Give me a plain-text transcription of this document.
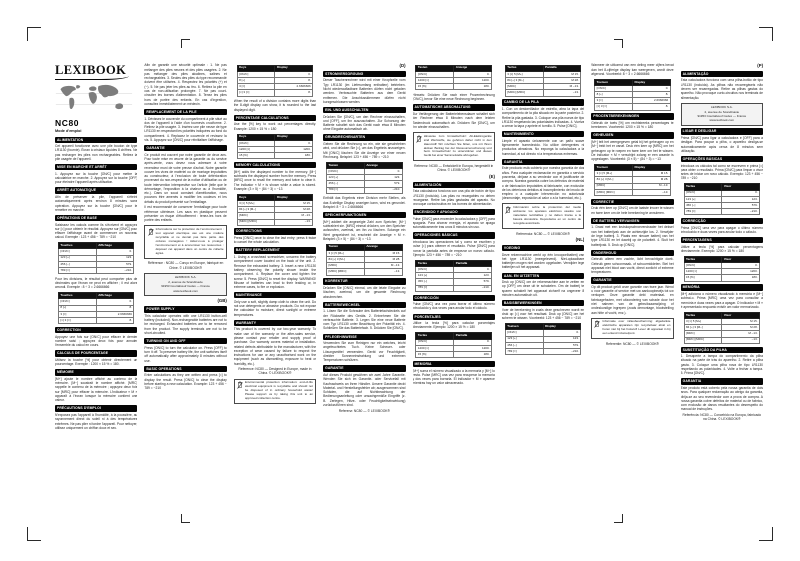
LEXIBOOK
NC80
Mode d'emploi
ALIMENTATION
Cet appareil fonctionne avec une pile bouton de type LR1130 (fournie). Écran à cristaux liquides 8 chiffres. Ne pas recharger les piles non rechargeables. Retirez la pile usagée de l'appareil.
MISE EN MARCHE ET ARRÊT
1. Appuyez sur la touche [ON/C] pour mettre la calculatrice en marche. 2. Appuyez sur la touche [OFF] pour éteindre l'appareil après utilisation.
ARRÊT AUTOMATIQUE
Afin de préserver la pile, l'appareil s'éteint automatiquement après environ 8 minutes sans opération. Appuyez sur la touche [ON/C] pour le remettre en marche.
OPÉRATIONS DE BASE
Saisissez les calculs comme ils s'écrivent et appuyez sur [=] pour obtenir le résultat. Appuyez sur [ON/C] pour effacer l'affichage avant de commencer un nouveau calcul. Exemple : 123 + 456 − 789 = −210
Touches	Affichage
[ON/C]	0.
123 [+]	123.
456 [−]	579.
789 [=]	−210.
Pour les divisions, le résultat peut comporter plus de décimales que l'écran ne peut en afficher ; il est alors arrondi. Exemple : 8 ÷ 3 = 2.6666666
Touches	Affichage
[ON/C]	0.
8 [÷]	8.
3 [=]	2.6666666
[×] 3 [=]	8.
CORRECTION
Appuyez une fois sur [ON/C] pour effacer le dernier nombre saisi ; appuyez deux fois pour annuler l'ensemble du calcul en cours.
CALCULS DE POURCENTAGE
Utilisez la touche [%] pour obtenir directement un pourcentage. Exemple : 1200 × 15 % = 180.
MÉMOIRE
[M+] ajoute le nombre affiché au contenu de la mémoire. [M−] soustrait le nombre affiché. [MRC] rappelle le contenu de la mémoire ; appuyez deux fois sur [MRC] pour effacer la mémoire. L'indicateur « M » apparaît à l'écran lorsque la mémoire contient une valeur.
PRÉCAUTIONS D'EMPLOI
N'exposez pas l'appareil à l'humidité, à la poussière, au rayonnement direct du soleil ni à des températures extrêmes. Ne pas plier ni tordre l'appareil. Pour nettoyer, utilisez uniquement un chiffon doux et sec.
Afin de garantir une sécurité optimale : 1. Ne pas mélanger des piles neuves et des piles usagées. 2. Ne pas mélanger des piles alcalines, salines et rechargeables. 3. Seules des piles du type recommandé doivent être utilisées. 4. Respectez les polarités (+) et (−). 5. Ne pas jeter les piles au feu. 6. Retirez la pile en cas de non-utilisation prolongée. 7. Ne pas court-circuiter les bornes d'alimentation. 8. Tenez les piles hors de portée des enfants. En cas d'ingestion, consultez immédiatement un médecin.
REMPLACEMENT DE LA PILE
1. Dévissez le couvercle du compartiment à pile situé au dos de l'appareil à l'aide d'un tournevis cruciforme. 2. Retirez la pile usagée. 3. Insérez une pile neuve de type LR1130 en respectant les polarités indiquées au fond du compartiment. 4. Replacez le couvercle et revissez la vis. 5. Appuyez sur [ON/C] pour réinitialiser l'affichage.
GARANTIE
Ce produit est couvert par notre garantie de deux ans. Pour toute mise en œuvre de la garantie ou du service après-vente, vous devez vous adresser à votre revendeur muni de votre preuve d'achat. Notre garantie couvre les vices de matériel ou de montage imputables au constructeur, à l'exclusion de toute détérioration provenant du non-respect de la notice d'utilisation ou de toute intervention intempestive sur l'article (telle que le démontage, l'exposition à la chaleur ou à l'humidité, etc.). Dans un souci constant d'amélioration, nous pouvons être amenés à modifier les couleurs et les détails du produit présenté sur l'emballage.
Il est recommandé de conserver l'emballage pour toute référence ultérieure. Les sacs en plastique peuvent présenter un risque d'étouffement : tenez-les hors de portée des enfants.
Informations sur la protection de l'environnement : tout appareil électrique usé est une matière recyclable et ne devrait pas faire partie des ordures ménagères ! Aidez-nous à protéger l'environnement et à économiser les ressources : déposez cet appareil dans un centre de collecte agréé.
Référence : NC80 — Conçu en Europe, fabriqué en Chine. © LEXIBOOK®
LEXIBOOK S.A.
2, avenue de Scandinavie
91953 Courtabœuf Cedex — France
www.lexibook.com
(GB)
POWER SUPPLY
This calculator operates with one LR1130 button-cell battery (included). Non-rechargeable batteries are not to be recharged. Exhausted batteries are to be removed from the product. The supply terminals are not to be short-circuited.
TURNING ON AND OFF
Press [ON/C] to turn the calculator on. Press [OFF] to turn it off. To preserve battery life, the unit switches itself off automatically after approximately 8 minutes without use.
BASIC OPERATIONS
Enter calculations as they are written and press [=] to display the result. Press [ON/C] to clear the display before starting a new calculation. Example: 123 + 456 − 789 = −210
Keys	Display
[ON/C]	0.
8 [÷]	8.
3 [=]	2.6666666
[×] 3 [=]	8.
When the result of a division contains more digits than the 8-digit display can show, it is rounded to the last displayed digit.
PERCENTAGE CALCULATIONS
Use the [%] key to work out percentages directly. Example: 1200 × 15 % = 180
Keys	Display
[ON/C]	0.
1200 [×]	1200.
15 [%]	180.
MEMORY CALCULATIONS
[M+] adds the displayed number to the memory. [M−] subtracts the displayed number from the memory. Press [MRC] once to recall the memory and twice to clear it. The indicator « M » is shown while a value is stored. Example: (3 × 5) − (84 ÷ 3) = −13
Keys	Display
3 [×] 5 [M+]	M 15.
84 [÷] 3 [M−]	M 28.
[MRC]	M −13.
[MRC] [MRC]	−13.
CORRECTIONS
Press [ON/C] once to clear the last entry; press it twice to cancel the whole calculation.
BATTERY REPLACEMENT
1. Using a crosshead screwdriver, unscrew the battery compartment cover located on the back of the unit. 2. Remove the exhausted battery. 3. Insert a new LR1130 battery observing the polarity shown inside the compartment. 4. Replace the cover and tighten the screw. 5. Press [ON/C] to reset the display. WARNING! Misuse of batteries can lead to their leaking or, in extreme cases, to fire or explosion.
MAINTENANCE
Only use a soft, slightly damp cloth to clean the unit. Do not use detergents or abrasive products. Do not expose the calculator to moisture, direct sunlight or extreme temperatures.
WARRANTY
This product is covered by our two-year warranty. To make use of the warranty or the after-sales service, please contact your retailer and supply proof of purchase. Our warranty covers material or installation-related defects attributable to the manufacturer, with the exception of wear caused by failure to respect the instructions for use or any unauthorised work on the equipment (such as dismantling, exposure to heat or humidity, etc.).
Reference: NC80 — Designed in Europe, made in China. © LEXIBOOK®
Environmental protection information: end-of-life electrical equipment is recyclable and should not be disposed of in ordinary household waste! Please support us by taking this unit to an approved collection centre.
(D)
STROMVERSORGUNG
Dieser Taschenrechner wird mit einer Knopfzelle vom Typ LR1130 (im Lieferumfang enthalten) betrieben. Nicht wiederaufladbare Batterien dürfen nicht geladen werden. Verbrauchte Batterien aus dem Gerät entfernen. Die Anschlussklemmen dürfen nicht kurzgeschlossen werden.
EIN- UND AUSSCHALTEN
Drücken Sie [ON/C], um den Rechner einzuschalten, und [OFF], um ihn auszuschalten. Zur Schonung der Batterie schaltet sich das Gerät nach etwa 8 Minuten ohne Eingabe automatisch ab.
GRUNDRECHENARTEN
Geben Sie die Rechnung so ein, wie sie geschrieben wird, und drücken Sie [=], um das Ergebnis anzuzeigen. Mit [ON/C] löschen Sie die Anzeige vor einer neuen Rechnung. Beispiel: 123 + 456 − 789 = −210
Tasten	Anzeige
[ON/C]	0.
123 [+]	123.
456 [−]	579.
789 [=]	−210.
Enthält das Ergebnis einer Division mehr Stellen, als das 8-stellige Display anzeigen kann, wird es gerundet. Beispiel: 8 ÷ 3 = 2.6666666
SPEICHERFUNKTIONEN
[M+] addiert die angezeigte Zahl zum Speicher, [M−] subtrahiert sie. [MRC] einmal drücken, um den Speicher aufzurufen, zweimal, um ihn zu löschen. Solange ein Wert gespeichert ist, erscheint die Anzeige « M ». Beispiel: (3 × 5) − (84 ÷ 3) = −13
Tasten	Anzeige
3 [×] 5 [M+]	M 15.
84 [÷] 3 [M−]	M 28.
[MRC]	M −13.
[MRC] [MRC]	−13.
KORREKTUR
Drücken Sie [ON/C] einmal, um die letzte Eingabe zu löschen, zweimal, um die gesamte Rechnung abzubrechen.
BATTERIEWECHSEL
1. Lösen Sie die Schraube des Batteriefachdeckels auf der Rückseite des Geräts. 2. Entnehmen Sie die verbrauchte Batterie. 3. Legen Sie eine neue Batterie vom Typ LR1130 unter Beachtung der Polarität ein. 4. Schließen Sie das Batteriefach. 5. Drücken Sie [ON/C].
PFLEGEHINWEISE
Verwenden Sie zum Reinigen nur ein weiches, leicht angefeuchtetes Tuch. Keine Scheuer- oder Lösungsmittel verwenden. Gerät vor Feuchtigkeit, direkter Sonneneinstrahlung und extremen Temperaturen schützen.
GARANTIE
Auf dieses Produkt gewähren wir zwei Jahre Garantie. Wenden Sie sich im Garantie- oder Servicefall mit Kaufnachweis an Ihren Händler. Unsere Garantie deckt Material- und Herstellungsfehler ab; ausgenommen sind Schäden, die auf Nichtbeachtung der Bedienungsanleitung oder unsachgemäße Eingriffe (z. B. Zerlegen, Hitze- oder Feuchtigkeitseinwirkung) zurückzuführen sind.
Referenz: NC80 — © LEXIBOOK®
Tasten	Anzeige
[ON/C]	0.
1200 [×]	1200.
15 [%]	180.
Hinweis: Drücken Sie nach einer Prozentrechnung [ON/C], bevor Sie eine neue Rechnung beginnen.
AUTOMATISCHE ABSCHALTUNG
Zur Verlängerung der Batterielebensdauer schaltet sich der Rechner etwa 8 Minuten nach dem letzten Tastendruck automatisch ab. Drücken Sie [ON/C], um ihn wieder einzuschalten.
Hinweise zum Umweltschutz: Alt-Elektrogeräte sind Wertstoffe, sie gehören daher nicht in den Hausmüll! Wir möchten Sie bitten, uns mit Ihrem aktiven Beitrag bei der Ressourcenschonung und beim Umweltschutz zu unterstützen und dieses Gerät bei einer Sammelstelle abzugeben.
Referenz: NC80 — Entwickelt in Europa, hergestellt in China. © LEXIBOOK®
(E)
ALIMENTACIÓN
Esta calculadora funciona con una pila de botón de tipo LR1130 (incluida). Las pilas no recargables no deben recargarse. Retire las pilas gastadas del aparato. No provoque cortocircuitos en los bornes de alimentación.
ENCENDIDO Y APAGADO
Pulse [ON/C] para encender la calculadora y [OFF] para apagarla. Para ahorrar energía, el aparato se apaga automáticamente tras unos 8 minutos sin uso.
OPERACIONES BÁSICAS
Introduzca las operaciones tal y como se escriben y pulse [=] para obtener el resultado. Pulse [ON/C] para borrar la pantalla antes de empezar un nuevo cálculo. Ejemplo: 123 + 456 − 789 = −210
Teclas	Pantalla
[ON/C]	0.
123 [+]	123.
456 [−]	579.
789 [=]	−210.
CORRECCIÓN
Pulse [ON/C] una vez para borrar el último número introducido y dos veces para anular todo el cálculo.
PORCENTAJES
Utilice la tecla [%] para calcular porcentajes directamente. Ejemplo: 1200 × 15 % = 180
Teclas	Pantalla
[ON/C]	0.
1200 [×]	1200.
15 [%]	180.
MEMORIA
[M+] suma el número visualizado a la memoria y [M−] lo resta. Pulse [MRC] una vez para recuperar la memoria y dos veces para borrarla. El indicador « M » aparece mientras hay un valor almacenado.
Teclas	Pantalla
3 [×] 5 [M+]	M 15.
84 [÷] 3 [M−]	M 28.
[MRC]	M −13.
[MRC] [MRC]	−13.
CAMBIO DE LA PILA
1. Con un destornillador de estrella, abra la tapa del compartimento de la pila situado en la parte posterior. 2. Retire la pila gastada. 3. Coloque una pila nueva de tipo LR1130 respetando las polaridades indicadas. 4. Vuelva a cerrar la tapa y apriete el tornillo. 5. Pulse [ON/C].
MANTENIMIENTO
Limpie el aparato únicamente con un paño suave ligeramente humedecido. No utilice detergentes ni productos abrasivos. No exponga la calculadora a la humedad, al sol directo ni a temperaturas extremas.
GARANTÍA
Este producto está cubierto por nuestra garantía de dos años. Para cualquier reclamación en garantía o servicio posventa, diríjase a su vendedor con el justificante de compra. Nuestra garantía cubre los defectos de material o de fabricación imputables al fabricante, con exclusión de los deterioros debidos al incumplimiento del modo de empleo o a cualquier intervención no autorizada (desmontaje, exposición al calor o a la humedad, etc.).
Información sobre la protección del medio ambiente: los aparatos eléctricos usados son materiales reciclables y no deben tirarse a la basura doméstica. Deposítelos en un centro de recogida autorizado.
Referencia: NC80 — © LEXIBOOK®
(NL)
VOEDING
Deze rekenmachine werkt op één knoopcelbatterij van het type LR1130 (meegeleverd). Niet-oplaadbare batterijen mogen niet worden opgeladen. Verwijder lege batterijen uit het apparaat.
AAN- EN UITZETTEN
Druk op [ON/C] om de rekenmachine aan te zetten en op [OFF] om deze uit te schakelen. Om de batterij te sparen schakelt het apparaat zichzelf na ongeveer 8 minuten automatisch uit.
BASISBEWERKINGEN
Voer de berekening in zoals deze geschreven wordt en druk op [=] voor het resultaat. Druk op [ON/C] om het scherm te wissen. Voorbeeld: 123 + 456 − 789 = −210
Toetsen	Display
[ON/C]	0.
123 [+]	123.
456 [−]	579.
789 [=]	−210.
Wanneer de uitkomst van een deling meer cijfers bevat dan het 8-cijferige display kan weergeven, wordt deze afgerond. Voorbeeld: 8 ÷ 3 = 2.6666666
Toetsen	Display
[ON/C]	0.
8 [÷]	8.
3 [=]	2.6666666
[×] 3 [=]	8.
PROCENTBEREKENINGEN
Gebruik de toets [%] om rechtstreeks percentages te berekenen. Voorbeeld: 1200 × 15 % = 180
GEHEUGEN
[M+] telt het weergegeven getal bij het geheugen op en [M−] trekt het er vanaf. Druk één keer op [MRC] om het geheugen op te roepen en twee keer om het te wissen. De indicator « M » verschijnt zolang er een waarde is opgeslagen. Voorbeeld: (3 × 5) − (84 ÷ 3) = −13
Toetsen	Display
3 [×] 5 [M+]	M 15.
84 [÷] 3 [M−]	M 28.
[MRC]	M −13.
[MRC] [MRC]	−13.
CORRECTIE
Druk één keer op [ON/C] om de laatste invoer te wissen en twee keer om de hele berekening te annuleren.
DE BATTERIJ VERVANGEN
1. Draai met een kruiskopschroevendraaier het deksel van het batterijvak aan de achterzijde los. 2. Verwijder de lege batterij. 3. Plaats een nieuwe batterij van het type LR1130 en let daarbij op de polariteit. 4. Sluit het batterijvak. 5. Druk op [ON/C].
ONDERHOUD
Gebruik alleen een zachte, licht bevochtigde doek. Gebruik geen schoonmaak- of schuurmiddelen. Stel het apparaat niet bloot aan vocht, direct zonlicht of extreme temperaturen.
GARANTIE
Op dit product geldt onze garantie van twee jaar. Wend u voor garantie of service met uw aankoopbewijs tot uw verkoper. Onze garantie dekt materiaal- en fabricagefouten, met uitzondering van schade door het niet naleven van de gebruiksaanwijzing of ondeskundige ingrepen (zoals demontage, blootstelling aan hitte of vocht, enz.).
Informatie over milieubescherming: afgedankte elektrische apparaten zijn recyclebaar afval en horen niet bij het huisvuil! Lever dit apparaat in bij een erkend inzamelpunt.
Referentie: NC80 — © LEXIBOOK®
(P)
ALIMENTAÇÃO
Esta calculadora funciona com uma pilha-botão de tipo LR1130 (incluída). As pilhas não recarregáveis não devem ser recarregadas. Retire as pilhas gastas do aparelho. Não provoque curto-circuitos nos terminais de alimentação.
LEXIBOOK S.A.
2, avenue de Scandinavie
91953 Courtabœuf Cedex — France
www.lexibook.com
LIGAR E DESLIGAR
Prima [ON/C] para ligar a calculadora e [OFF] para a desligar. Para poupar a pilha, o aparelho desliga-se automaticamente após cerca de 8 minutos sem utilização.
OPERAÇÕES BÁSICAS
Introduza os cálculos tal como se escrevem e prima [=] para obter o resultado. Prima [ON/C] para limpar o visor antes de iniciar um novo cálculo. Exemplo: 123 + 456 − 789 = −210
Teclas	Visor
[ON/C]	0.
123 [+]	123.
456 [−]	579.
789 [=]	−210.
CORRECÇÃO
Prima [ON/C] uma vez para apagar o último número introduzido e duas vezes para anular todo o cálculo.
PERCENTAGENS
Utilize a tecla [%] para calcular percentagens directamente. Exemplo: 1200 × 15 % = 180
Teclas	Visor
[ON/C]	0.
1200 [×]	1200.
15 [%]	180.
MEMÓRIA
[M+] adiciona o número visualizado à memória e [M−] subtrai-o. Prima [MRC] uma vez para consultar a memória e duas vezes para a apagar. O indicador « M » é apresentado enquanto existir um valor memorizado.
Teclas	Visor
3 [×] 5 [M+]	M 15.
84 [÷] 3 [M−]	M 28.
[MRC]	M −13.
[MRC] [MRC]	−13.
SUBSTITUIÇÃO DA PILHA
1. Desaperte a tampa do compartimento da pilha situado na parte de trás do aparelho. 2. Retire a pilha gasta. 3. Coloque uma pilha nova de tipo LR1130 respeitando as polaridades. 4. Volte a fechar a tampa. 5. Prima [ON/C].
GARANTIA
Este produto está coberto pela nossa garantia de dois anos. Para qualquer reclamação ao abrigo da garantia, dirija-se ao seu revendedor com a prova de compra. A nossa garantia cobre defeitos de material ou de fabrico, com exclusão de danos resultantes do desrespeito do manual de instruções.
Referência: NC80 — Concebido na Europa, fabricado na China. © LEXIBOOK®
